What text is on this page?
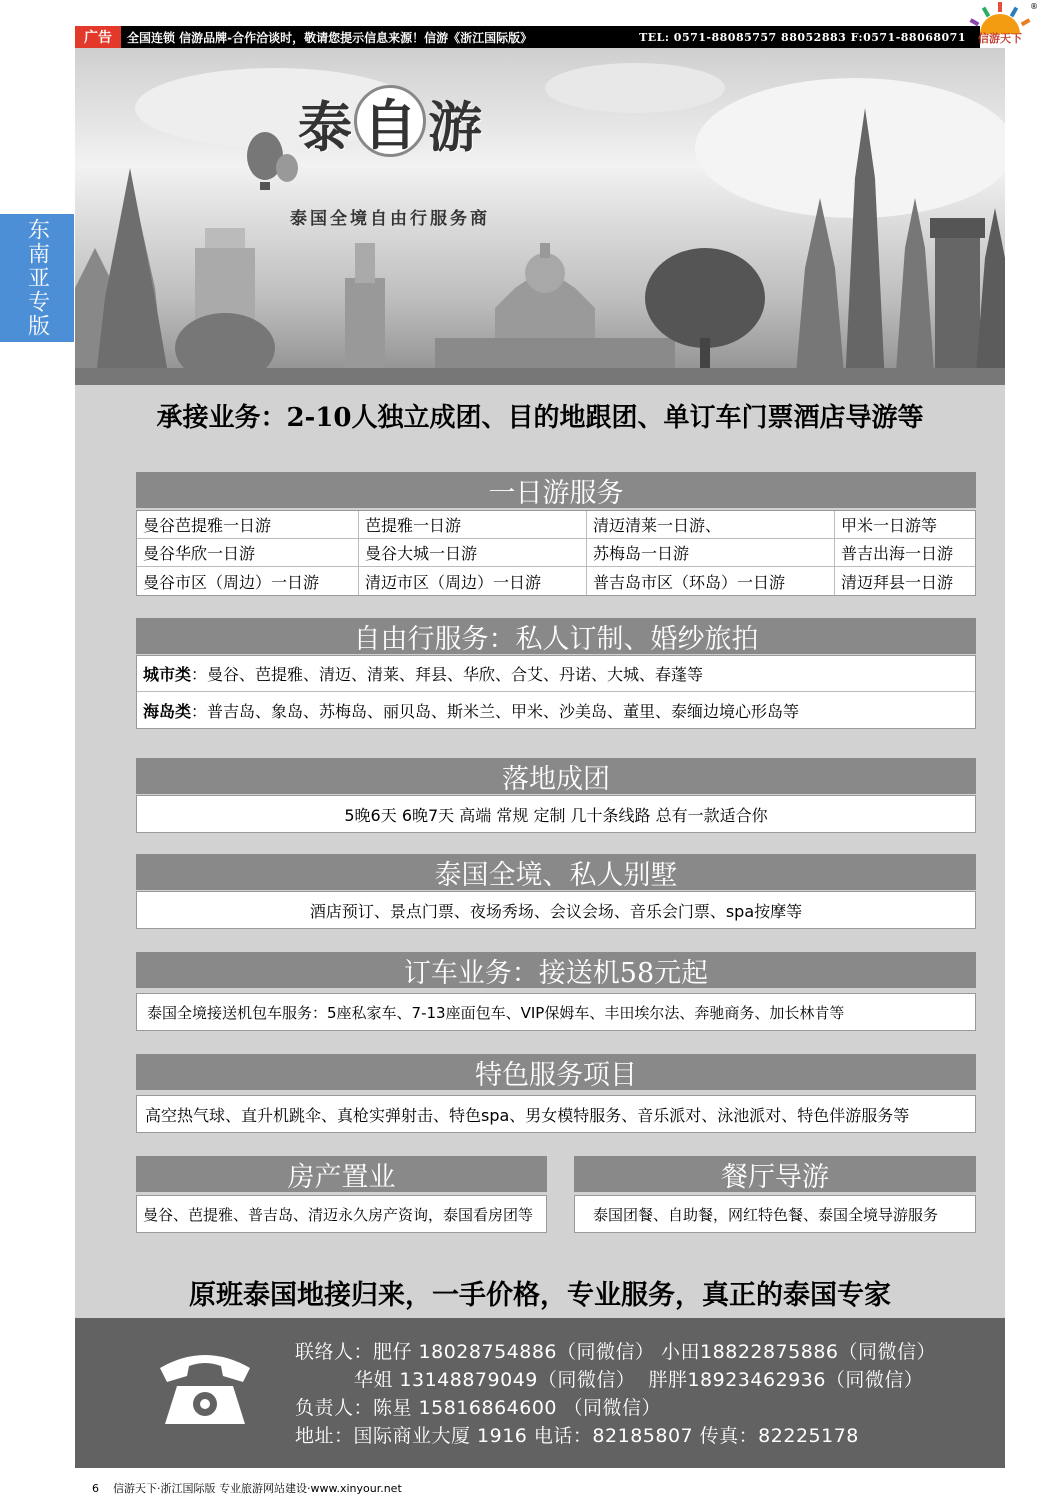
广告	全国连锁 信游品牌-合作洽谈时，敬请您提示信息来源！信游《浙江国际版》	TEL: 0571-88085757 88052883 F:0571-88068071
®
信游天下
东南亚专版
泰 自 游
泰国全境自由行服务商
承接业务：2-10人独立成团、目的地跟团、单订车门票酒店导游等
一日游服务
曼谷芭提雅一日游	芭提雅一日游	清迈清莱一日游、	甲米一日游等
曼谷华欣一日游	曼谷大城一日游	苏梅岛一日游	普吉出海一日游
曼谷市区（周边）一日游	清迈市区（周边）一日游	普吉岛市区（环岛）一日游	清迈拜县一日游
自由行服务：私人订制、婚纱旅拍
城市类 ：曼谷、芭提雅、清迈、清莱、拜县、华欣、合艾、丹诺、大城、春蓬等
海岛类 ：普吉岛、象岛、苏梅岛、丽贝岛、斯米兰、甲米、沙美岛、董里、泰缅边境心形岛等
落地成团
5晚6天 6晚7天 高端 常规 定制 几十条线路 总有一款适合你
泰国全境、私人别墅
酒店预订、景点门票、夜场秀场、会议会场、音乐会门票、spa按摩等
订车业务：接送机58元起
泰国全境接送机包车服务：5座私家车、7-13座面包车、VIP保姆车、丰田埃尔法、奔驰商务、加长林肯等
特色服务项目
高空热气球、直升机跳伞、真枪实弹射击、特色spa、男女模特服务、音乐派对、泳池派对、特色伴游服务等
房产置业
曼谷、芭提雅、普吉岛、清迈永久房产资询，泰国看房团等
餐厅导游
泰国团餐、自助餐，网红特色餐、泰国全境导游服务
原班泰国地接归来，一手价格，专业服务，真正的泰国专家
联络人：肥仔 18028754886（同微信） 小田18822875886（同微信）
华姐 13148879049（同微信）  胖胖18923462936（同微信）
负责人：陈星 15816864600 （同微信）
地址：国际商业大厦 1916 电话：82185807 传真：82225178
6    信游天下·浙江国际版 专业旅游网站建设·www.xinyour.net
